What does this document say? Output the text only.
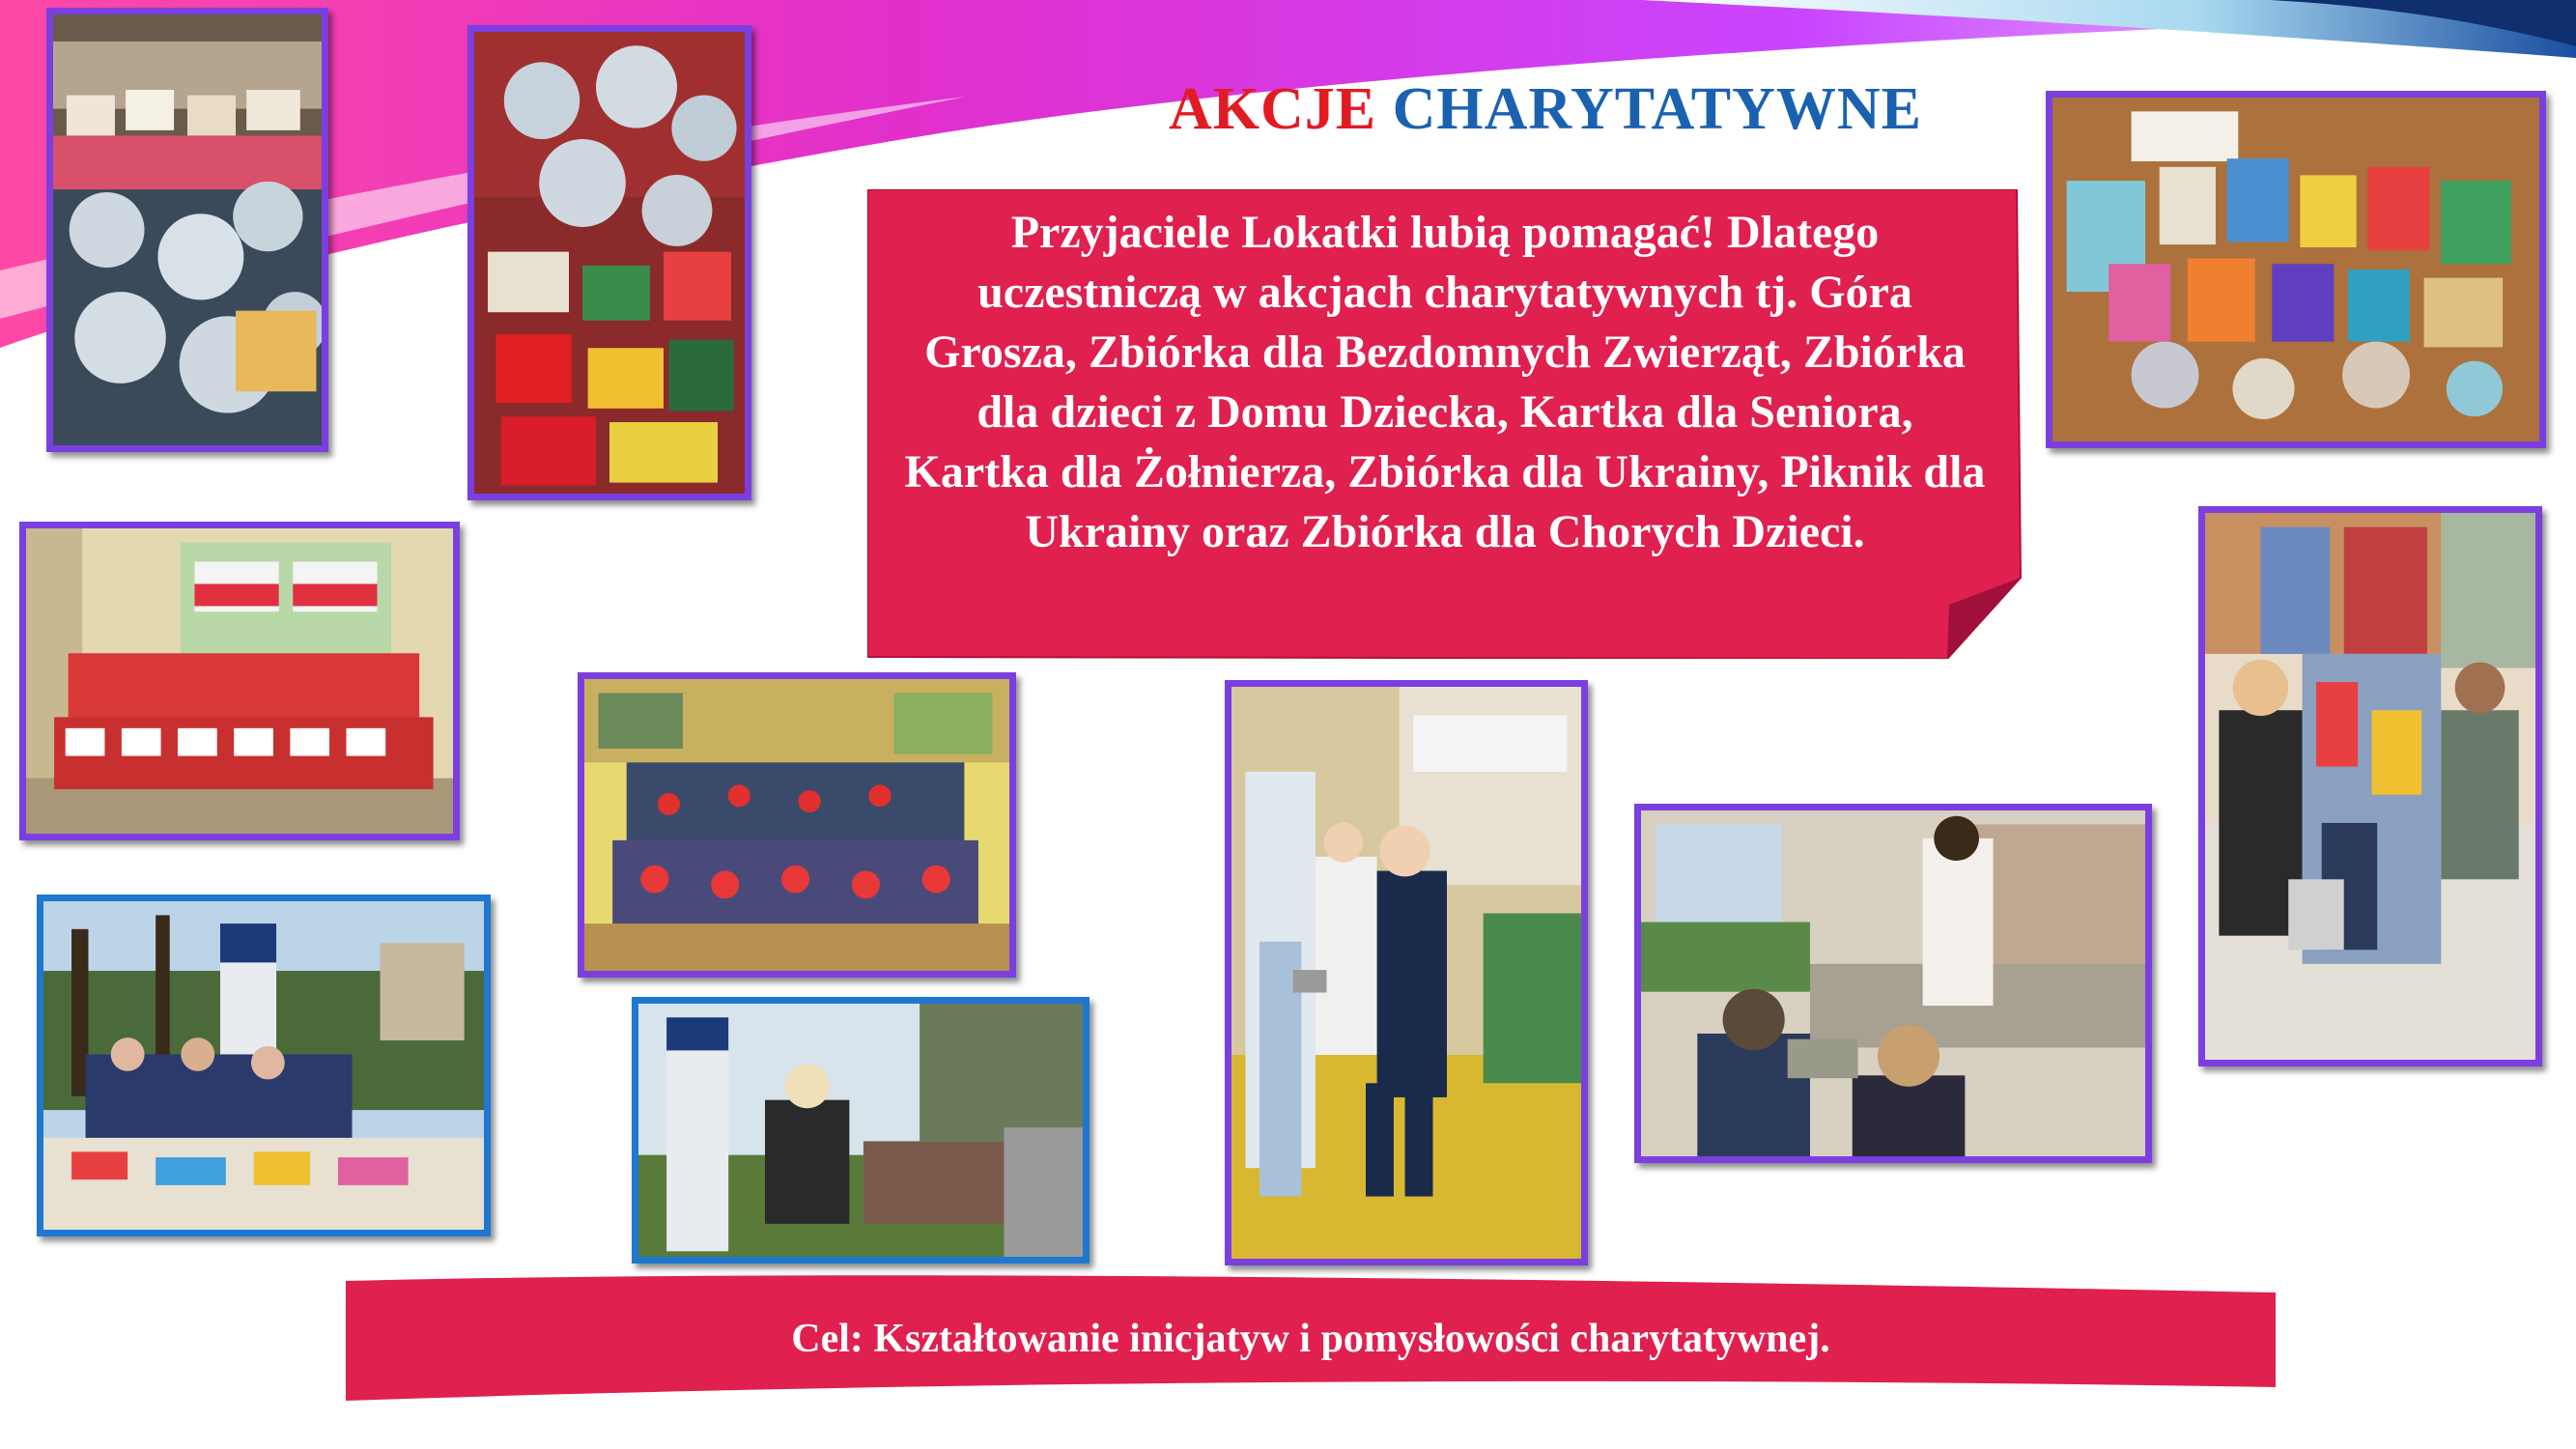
AKCJE CHARYTATYWNE
Przyjaciele Lokatki lubią pomagać! Dlatego uczestniczą w akcjach charytatywnych tj. Góra Grosza, Zbiórka dla Bezdomnych Zwierząt, Zbiórka dla dzieci z Domu Dziecka, Kartka dla Seniora, Kartka dla Żołnierza, Zbiórka dla Ukrainy, Piknik dla Ukrainy oraz Zbiórka dla Chorych Dzieci.
Cel: Kształtowanie inicjatyw i pomysłowości charytatywnej.
